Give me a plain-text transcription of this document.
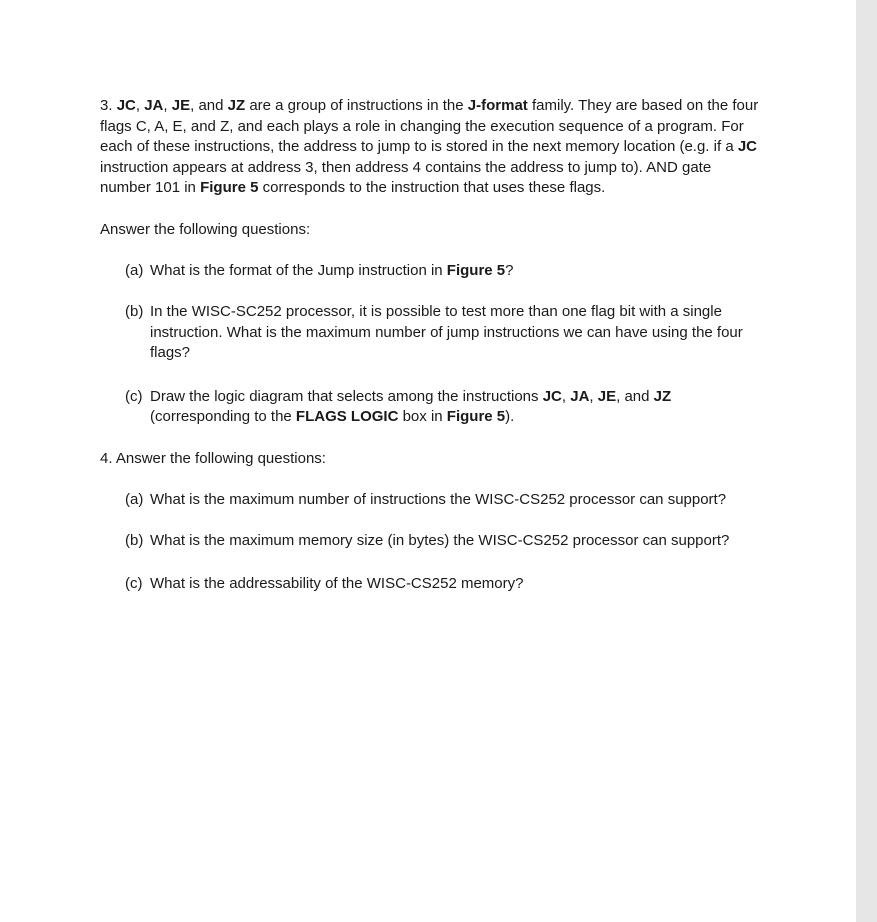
3. JC, JA, JE, and JZ are a group of instructions in the J-format family. They are based on the four flags C, A, E, and Z, and each plays a role in changing the execution sequence of a program. For each of these instructions, the address to jump to is stored in the next memory location (e.g. if a JC instruction appears at address 3, then address 4 contains the address to jump to). AND gate number 101 in Figure 5 corresponds to the instruction that uses these flags.

Answer the following questions:

(a) What is the format of the Jump instruction in Figure 5?
(b) In the WISC-SC252 processor, it is possible to test more than one flag bit with a single instruction. What is the maximum number of jump instructions we can have using the four flags?
(c) Draw the logic diagram that selects among the instructions JC, JA, JE, and JZ (corresponding to the FLAGS LOGIC box in Figure 5).

4. Answer the following questions:

(a) What is the maximum number of instructions the WISC-CS252 processor can support?
(b) What is the maximum memory size (in bytes) the WISC-CS252 processor can support?
(c) What is the addressability of the WISC-CS252 memory?
